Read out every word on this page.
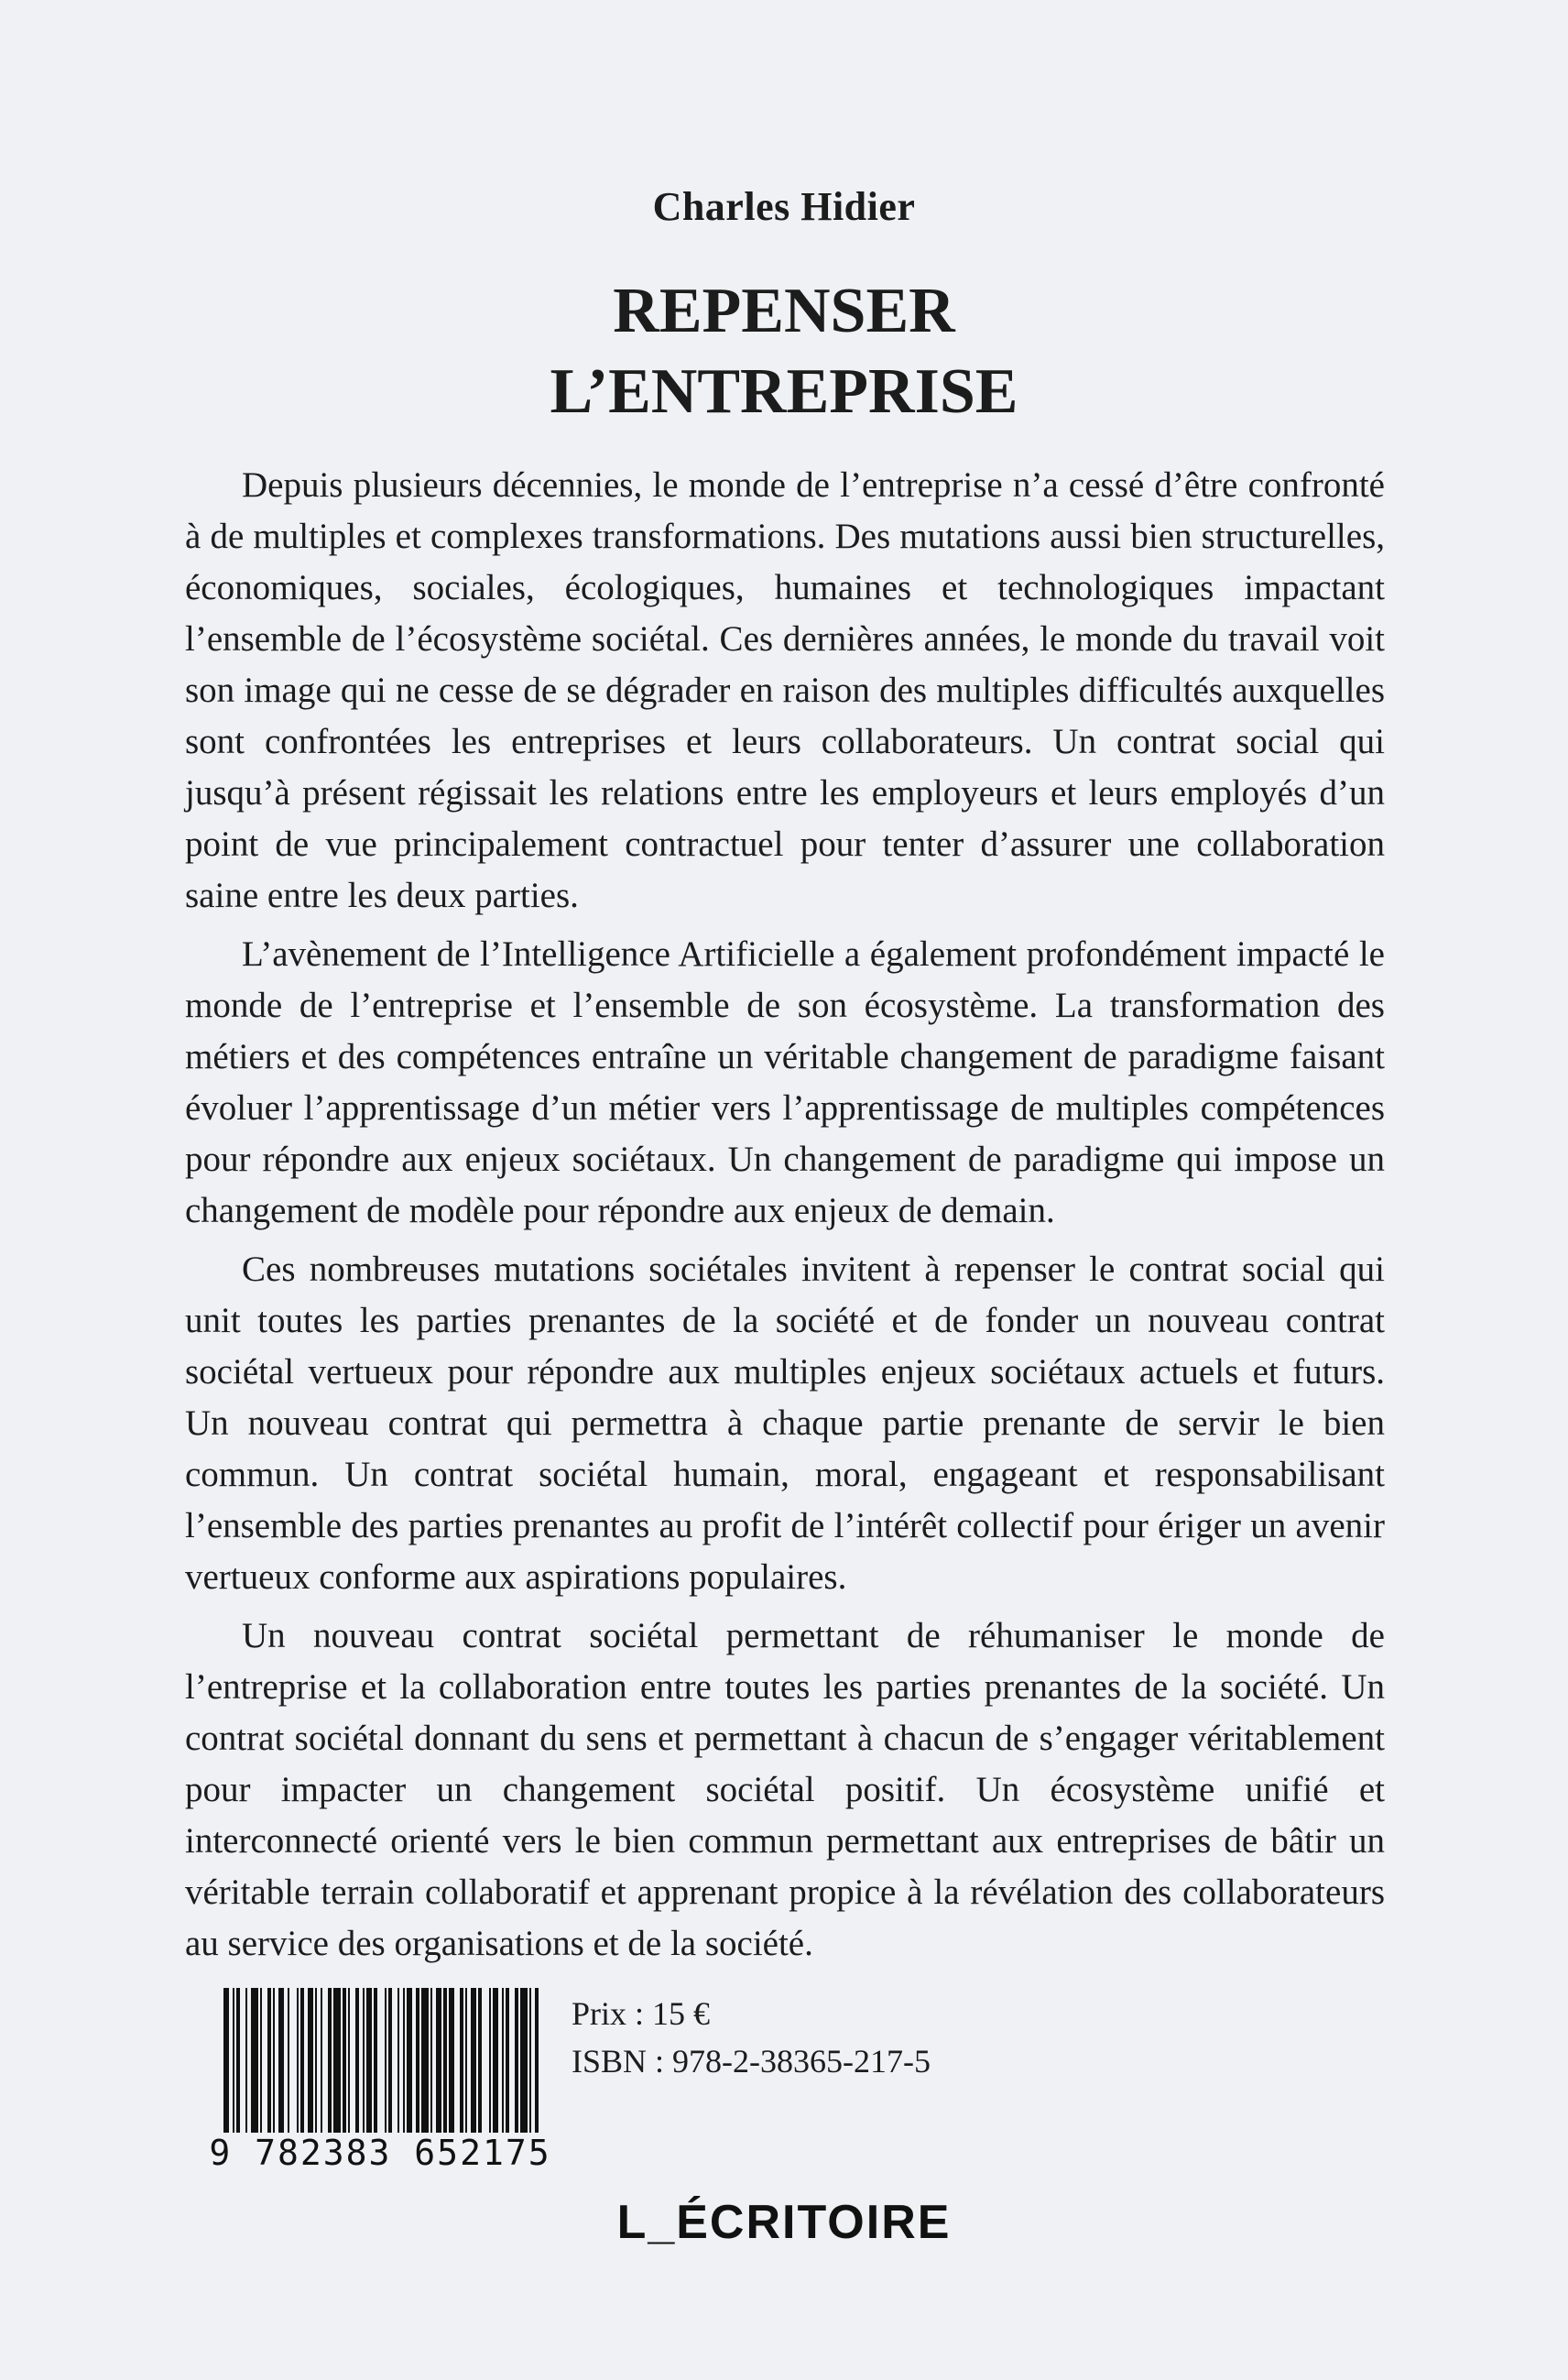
Charles Hidier
REPENSER
L’ENTREPRISE

Depuis plusieurs décennies, le monde de l’entreprise n’a cessé d’être confronté à de multiples et complexes transformations. Des mutations aussi bien structurelles, économiques, sociales, écologiques, humaines et technologiques impactant l’ensemble de l’écosystème sociétal. Ces dernières années, le monde du travail voit son image qui ne cesse de se dégrader en raison des multiples difficultés auxquelles sont confrontées les entreprises et leurs collaborateurs. Un contrat social qui jusqu’à présent régissait les relations entre les employeurs et leurs employés d’un point de vue principalement contractuel pour tenter d’assurer une collaboration saine entre les deux parties.

L’avènement de l’Intelligence Artificielle a également profondément impacté le monde de l’entreprise et l’ensemble de son écosystème. La transformation des métiers et des compétences entraîne un véritable changement de paradigme faisant évoluer l’apprentissage d’un métier vers l’apprentissage de multiples compétences pour répondre aux enjeux sociétaux. Un changement de paradigme qui impose un changement de modèle pour répondre aux enjeux de demain.

Ces nombreuses mutations sociétales invitent à repenser le contrat social qui unit toutes les parties prenantes de la société et de fonder un nouveau contrat sociétal vertueux pour répondre aux multiples enjeux sociétaux actuels et futurs. Un nouveau contrat qui permettra à chaque partie prenante de servir le bien commun. Un contrat sociétal humain, moral, engageant et responsabilisant l’ensemble des parties prenantes au profit de l’intérêt collectif pour ériger un avenir vertueux conforme aux aspirations populaires.

Un nouveau contrat sociétal permettant de réhumaniser le monde de l’entreprise et la collaboration entre toutes les parties prenantes de la société. Un contrat sociétal donnant du sens et permettant à chacun de s’engager véritablement pour impacter un changement sociétal positif. Un écosystème unifié et interconnecté orienté vers le bien commun permettant aux entreprises de bâtir un véritable terrain collaboratif et apprenant propice à la révélation des collaborateurs au service des organisations et de la société.

9 782383 652175
Prix : 15 €
ISBN : 978-2-38365-217-5
L_ÉCRITOIRE
